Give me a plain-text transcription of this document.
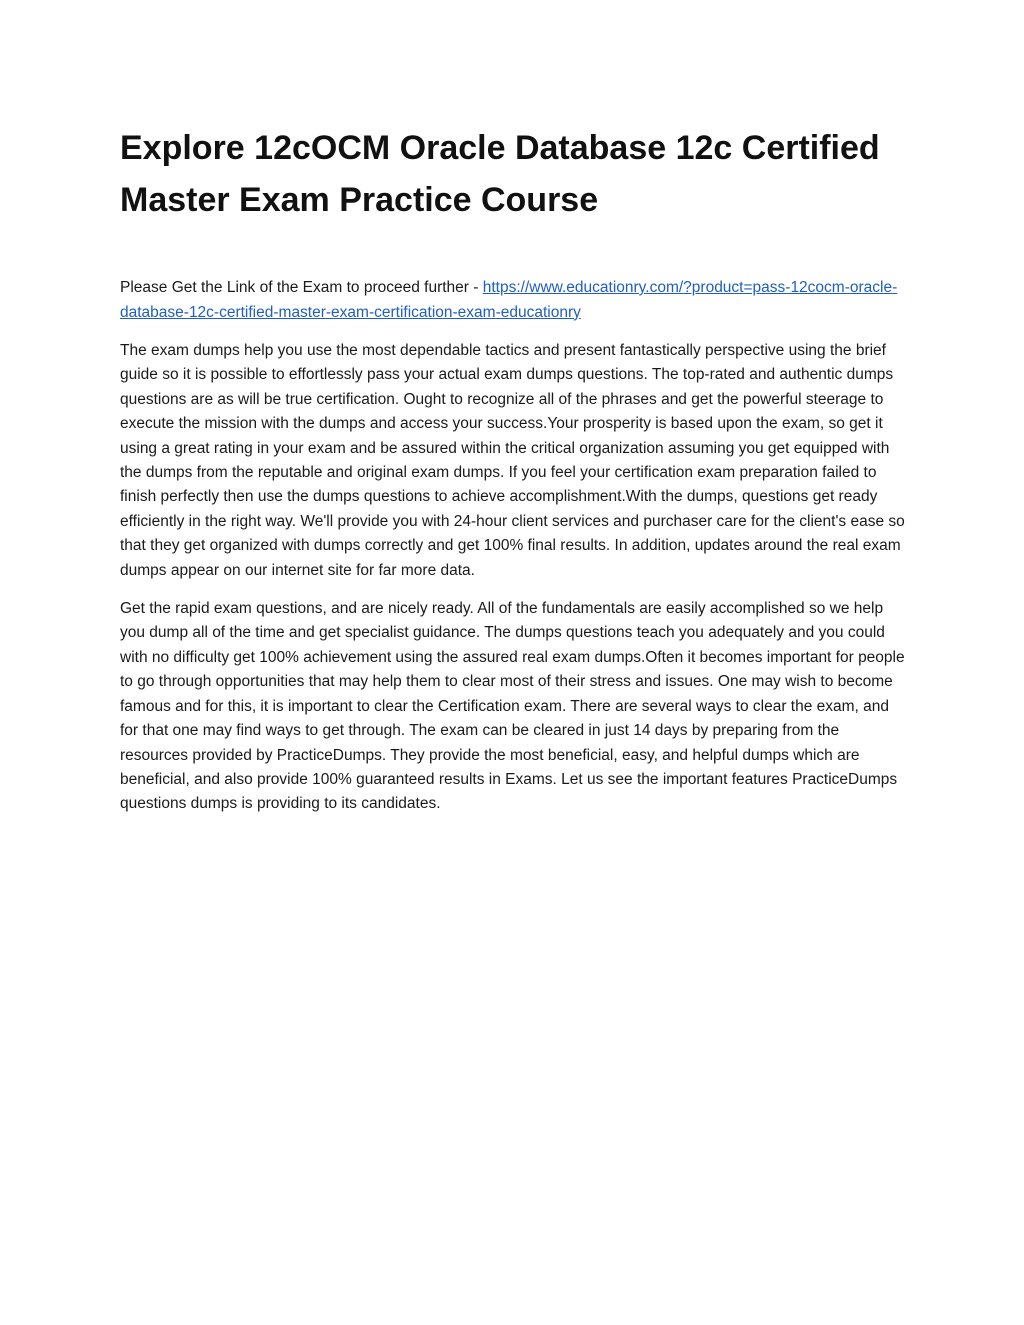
Explore 12cOCM Oracle Database 12c Certified Master Exam Practice Course

Please Get the Link of the Exam to proceed further - https://www.educationry.com/?product=pass-12cocm-oracle-database-12c-certified-master-exam-certification-exam-educationry

The exam dumps help you use the most dependable tactics and present fantastically perspective using the brief guide so it is possible to effortlessly pass your actual exam dumps questions. The top-rated and authentic dumps questions are as will be true certification. Ought to recognize all of the phrases and get the powerful steerage to execute the mission with the dumps and access your success.Your prosperity is based upon the exam, so get it using a great rating in your exam and be assured within the critical organization assuming you get equipped with the dumps from the reputable and original exam dumps. If you feel your certification exam preparation failed to finish perfectly then use the dumps questions to achieve accomplishment.With the dumps, questions get ready efficiently in the right way. We'll provide you with 24-hour client services and purchaser care for the client's ease so that they get organized with dumps correctly and get 100% final results. In addition, updates around the real exam dumps appear on our internet site for far more data.

Get the rapid exam questions, and are nicely ready. All of the fundamentals are easily accomplished so we help you dump all of the time and get specialist guidance. The dumps questions teach you adequately and you could with no difficulty get 100% achievement using the assured real exam dumps.Often it becomes important for people to go through opportunities that may help them to clear most of their stress and issues. One may wish to become famous and for this, it is important to clear the Certification exam. There are several ways to clear the exam, and for that one may find ways to get through. The exam can be cleared in just 14 days by preparing from the resources provided by PracticeDumps. They provide the most beneficial, easy, and helpful dumps which are beneficial, and also provide 100% guaranteed results in Exams. Let us see the important features PracticeDumps questions dumps is providing to its candidates.
